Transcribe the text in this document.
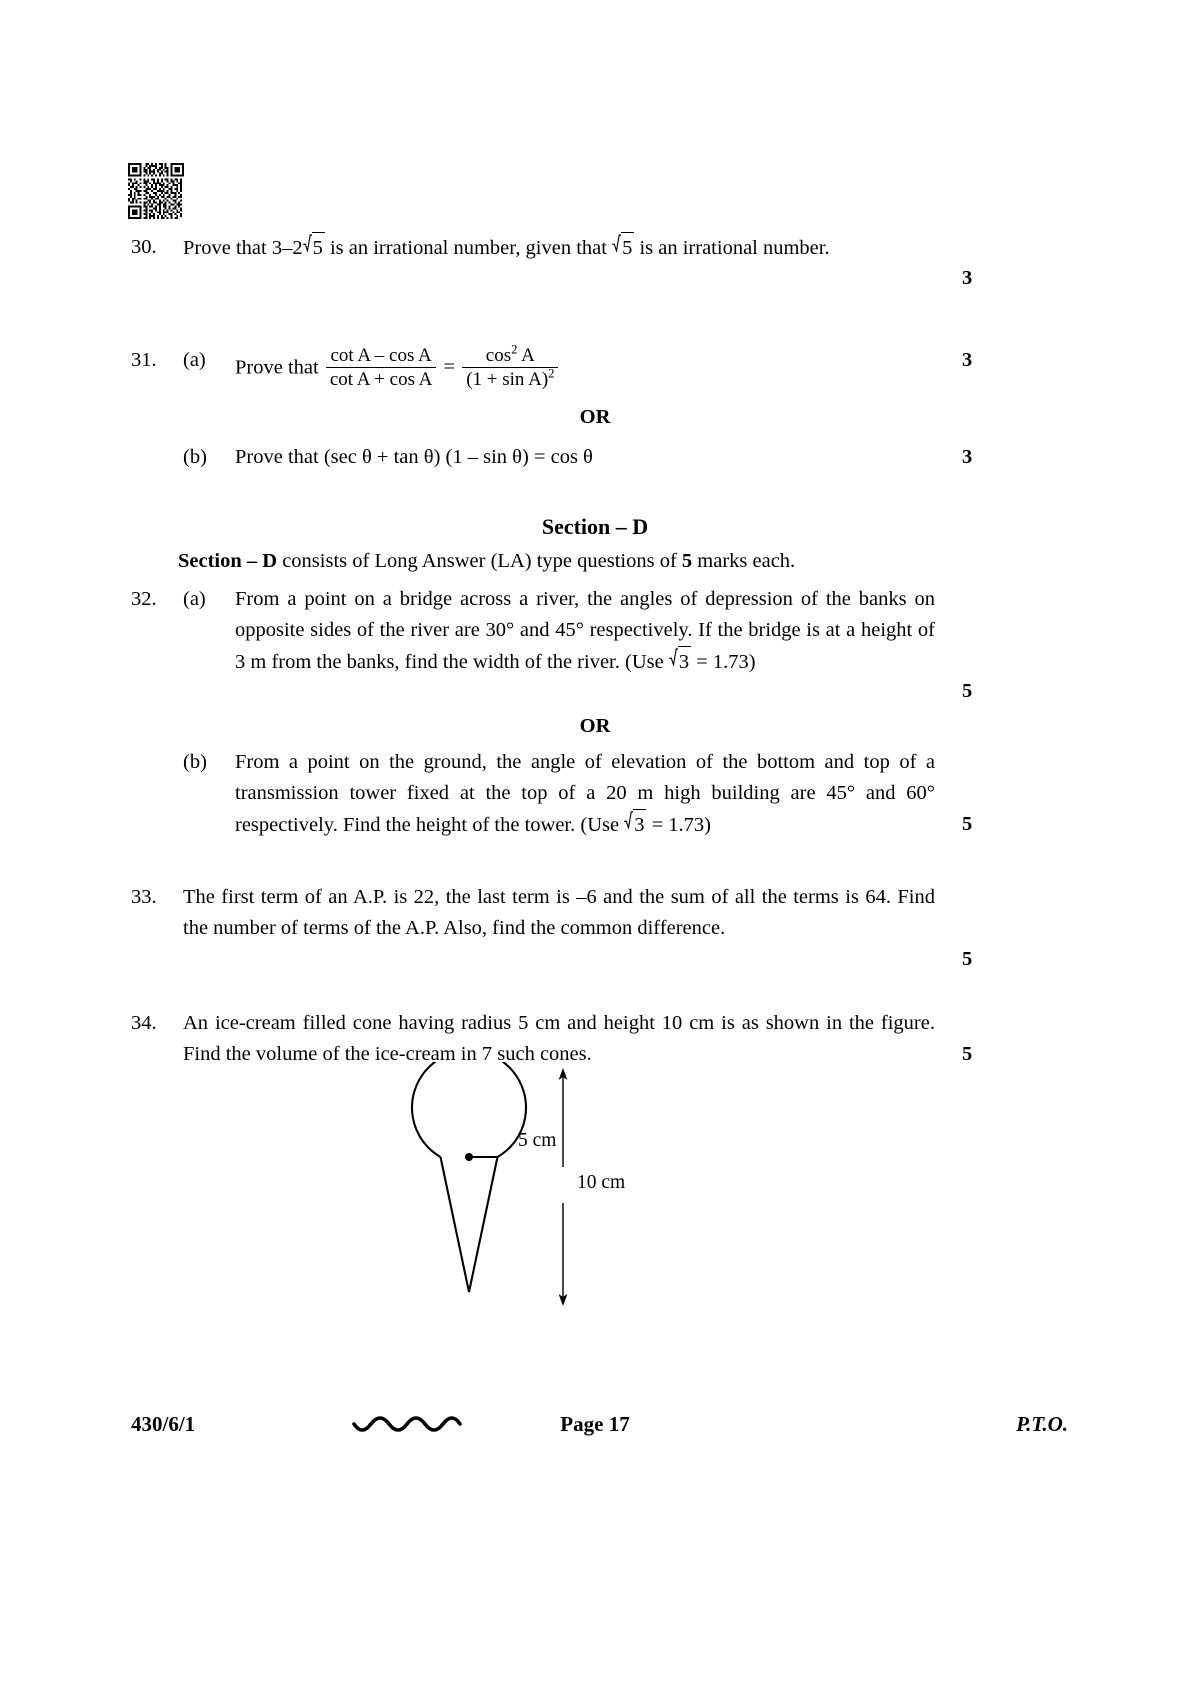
30.	Prove that 3–2 5 is an irrational number, given that 5 is an irrational number.
3
31.	(a)	Prove that $\frac{\text{cot A – cos A}}{\text{cot A + cos A}} = \frac{\cos^2 A}{(1 + \sin A)^2}$	3
OR
(b)	Prove that (sec θ + tan θ) (1 – sin θ) = cos θ	3
Section – D
Section – D consists of Long Answer (LA) type questions of 5 marks each.
32.	(a)	From a point on a bridge across a river, the angles of depression of the banks on opposite sides of the river are 30° and 45° respectively. If the bridge is at a height of 3 m from the banks, find the width of the river. (Use 3 = 1.73)
5
OR
(b)	From a point on the ground, the angle of elevation of the bottom and top of a transmission tower fixed at the top of a 20 m high building are 45° and 60° respectively. Find the height of the tower. (Use 3 = 1.73)	5
33.	The first term of an A.P. is 22, the last term is –6 and the sum of all the terms is 64. Find the number of terms of the A.P. Also, find the common difference.
5
34.	An ice-cream filled cone having radius 5 cm and height 10 cm is as shown in the figure. Find the volume of the ice-cream in 7 such cones.	5
5 cm
10 cm
430/6/1	Page 17	P.T.O.
